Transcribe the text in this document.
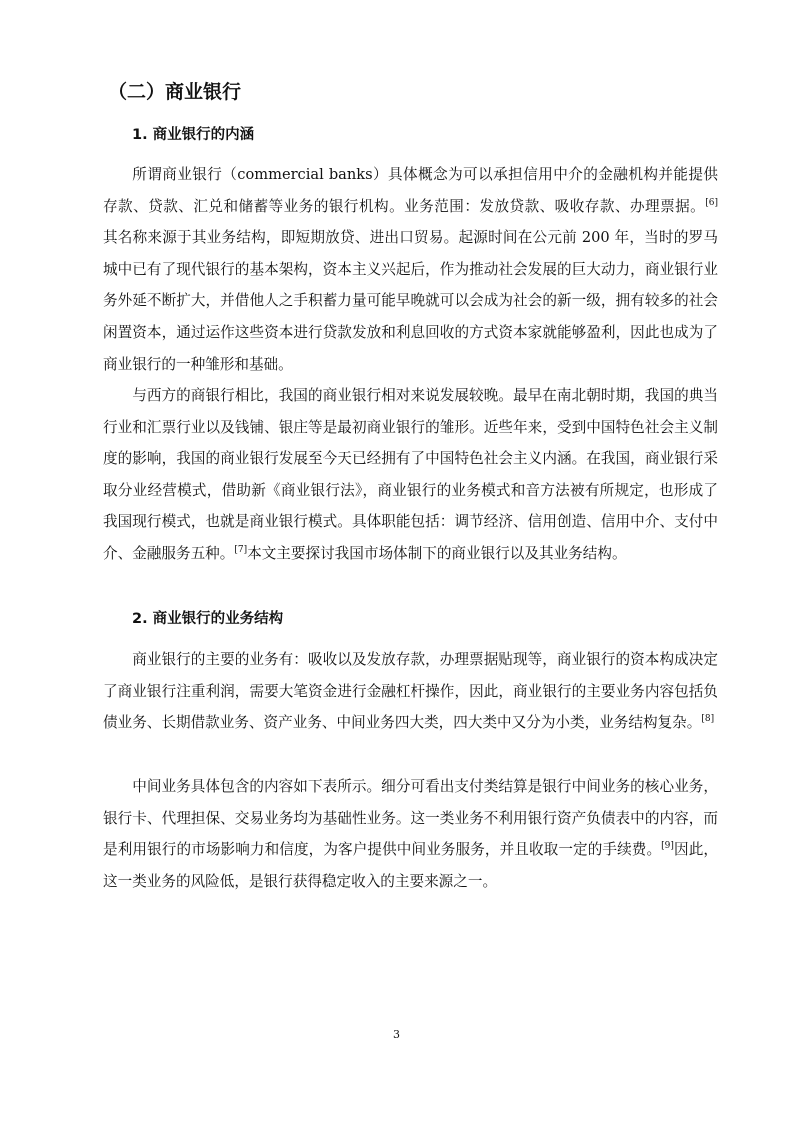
（二）商业银行
1. 商业银行的内涵

所谓商业银行（commercial banks）具体概念为可以承担信用中介的金融机构并能提供存款、贷款、汇兑和储蓄等业务的银行机构。业务范围：发放贷款、吸收存款、办理票据。[6] 其名称来源于其业务结构，即短期放贷、进出口贸易。起源时间在公元前 200 年，当时的罗马城中已有了现代银行的基本架构，资本主义兴起后，作为推动社会发展的巨大动力，商业银行业务外延不断扩大，并借他人之手积蓄力量可能早晚就可以会成为社会的新一级，拥有较多的社会闲置资本，通过运作这些资本进行贷款发放和利息回收的方式资本家就能够盈利，因此也成为了商业银行的一种雏形和基础。

与西方的商银行相比，我国的商业银行相对来说发展较晚。最早在南北朝时期，我国的典当行业和汇票行业以及钱铺、银庄等是最初商业银行的雏形。近些年来，受到中国特色社会主义制度的影响，我国的商业银行发展至今天已经拥有了中国特色社会主义内涵。在我国，商业银行采取分业经营模式，借助新《商业银行法》，商业银行的业务模式和音方法被有所规定，也形成了我国现行模式，也就是商业银行模式。具体职能包括：调节经济、信用创造、信用中介、支付中介、金融服务五种。[7]本文主要探讨我国市场体制下的商业银行以及其业务结构。

2. 商业银行的业务结构

商业银行的主要的业务有：吸收以及发放存款，办理票据贴现等，商业银行的资本构成决定了商业银行注重利润，需要大笔资金进行金融杠杆操作，因此，商业银行的主要业务内容包括负债业务、长期借款业务、资产业务、中间业务四大类，四大类中又分为小类，业务结构复杂。[8]

中间业务具体包含的内容如下表所示。细分可看出支付类结算是银行中间业务的核心业务，银行卡、代理担保、交易业务均为基础性业务。这一类业务不利用银行资产负债表中的内容，而是利用银行的市场影响力和信度，为客户提供中间业务服务，并且收取一定的手续费。[9]因此，这一类业务的风险低，是银行获得稳定收入的主要来源之一。

3
